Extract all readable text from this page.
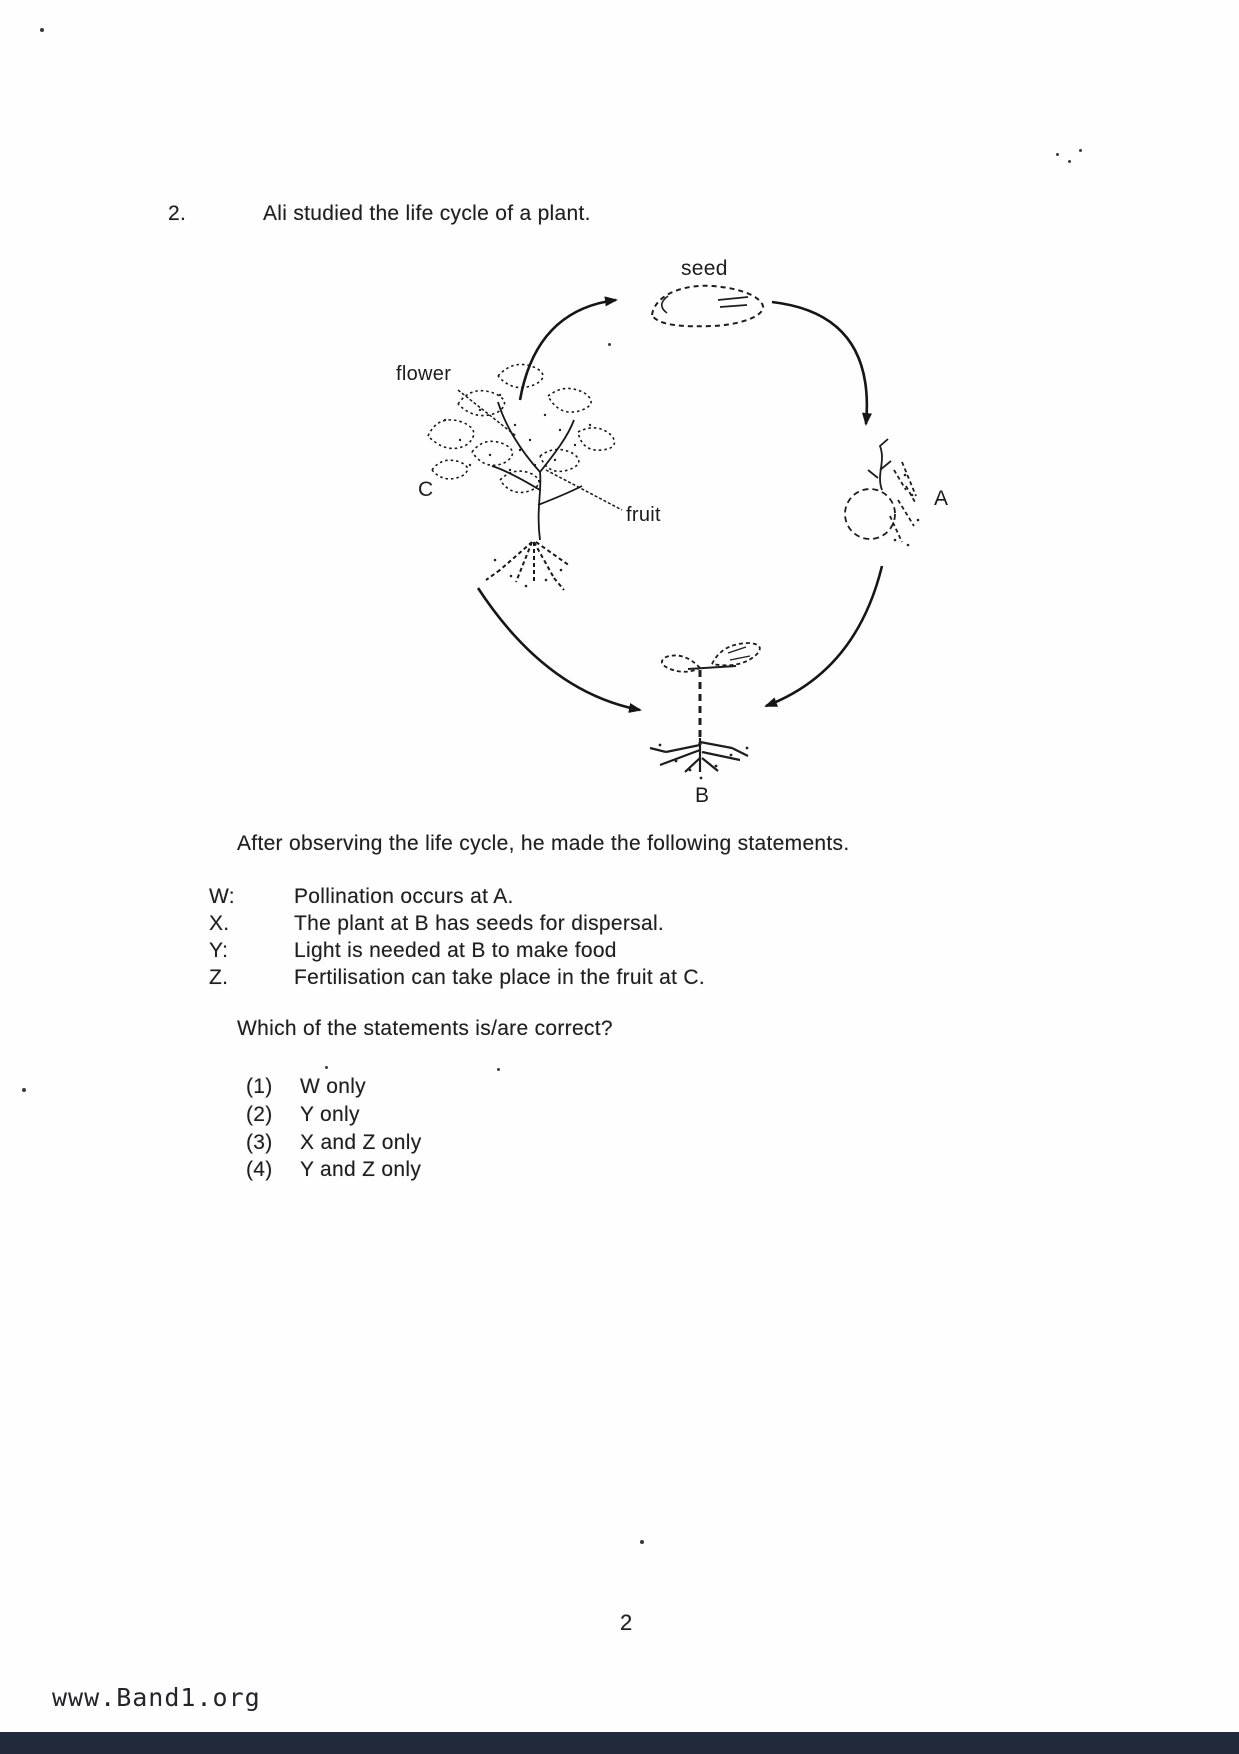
2.	Ali studied the life cycle of a plant.
seed
A
B
flower
fruit
C
After observing the life cycle, he made the following statements.
W:	Pollination occurs at A.
X.	The plant at B has seeds for dispersal.
Y:	Light is needed at B to make food
Z.	Fertilisation can take place in the fruit at C.
Which of the statements is/are correct?
(1) W only
(2) Y only
(3) X and Z only
(4) Y and Z only
2
www.Band1.org
